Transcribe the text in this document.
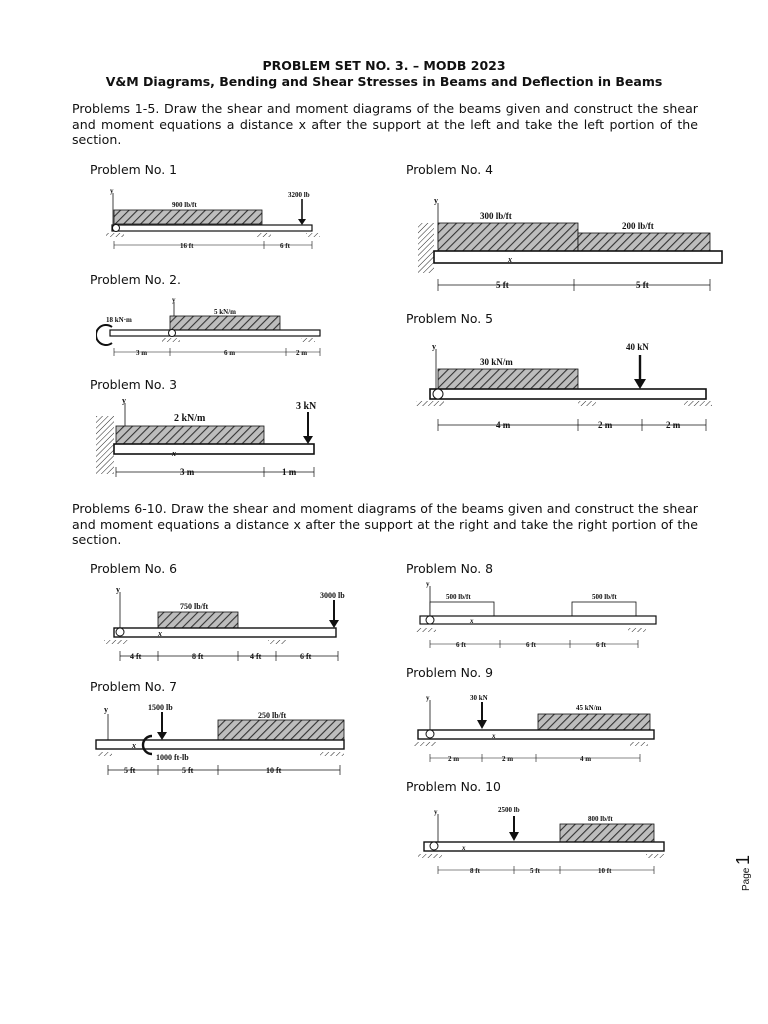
PROBLEM SET NO. 3. – MODB 2023
V&M Diagrams, Bending and Shear Stresses in Beams and Deflection in Beams
Problems 1-5. Draw the shear and moment diagrams of the beams given and construct the shear and moment equations a distance x after the support at the left and take the left portion of the section.
Problem No. 1
y
900 lb/ft
3200 lb
16 ft	6 ft
Problem No. 2.
y
5 kN/m
18 kN·m
3 m	6 m	2 m
Problem No. 3
y
2 kN/m
x
3 kN
3 m	1 m
Problem No. 4
y
300 lb/ft
200 lb/ft
x
5 ft	5 ft
Problem No. 5
y
30 kN/m
40 kN
4 m	2 m	2 m
Problems 6-10. Draw the shear and moment diagrams of the beams given and construct the shear and moment equations a distance x after the support at the right and take the right portion of the section.
Problem No. 6
y
750 lb/ft
x
3000 lb
4 ft	8 ft	4 ft	6 ft
Problem No. 7
y
250 lb/ft
x
1500 lb
1000 ft-lb
5 ft	5 ft	10 ft
Problem No. 8
y
500 lb/ft	500 lb/ft
x
6 ft	6 ft	6 ft
Problem No. 9
y
45 kN/m
x
30 kN
2 m	2 m	4 m
Problem No. 10
y
800 lb/ft
x
2500 lb
8 ft	5 ft	10 ft	Page
1
